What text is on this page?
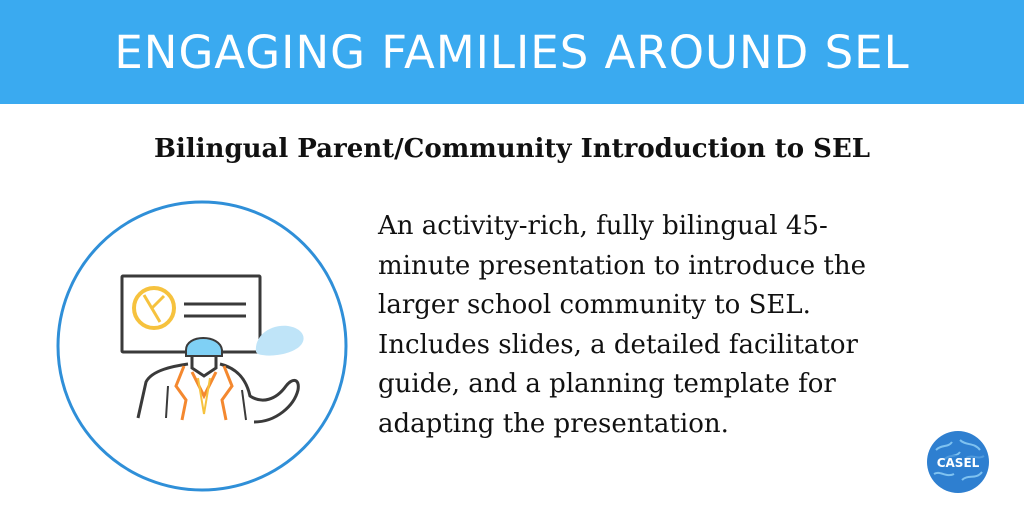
ENGAGING FAMILIES AROUND SEL
Bilingual Parent/Community Introduction to SEL
An activity-rich, fully bilingual 45-
minute presentation to introduce the
larger school community to SEL.
Includes slides, a detailed facilitator
guide, and a planning template for
adapting the presentation.
CASEL
